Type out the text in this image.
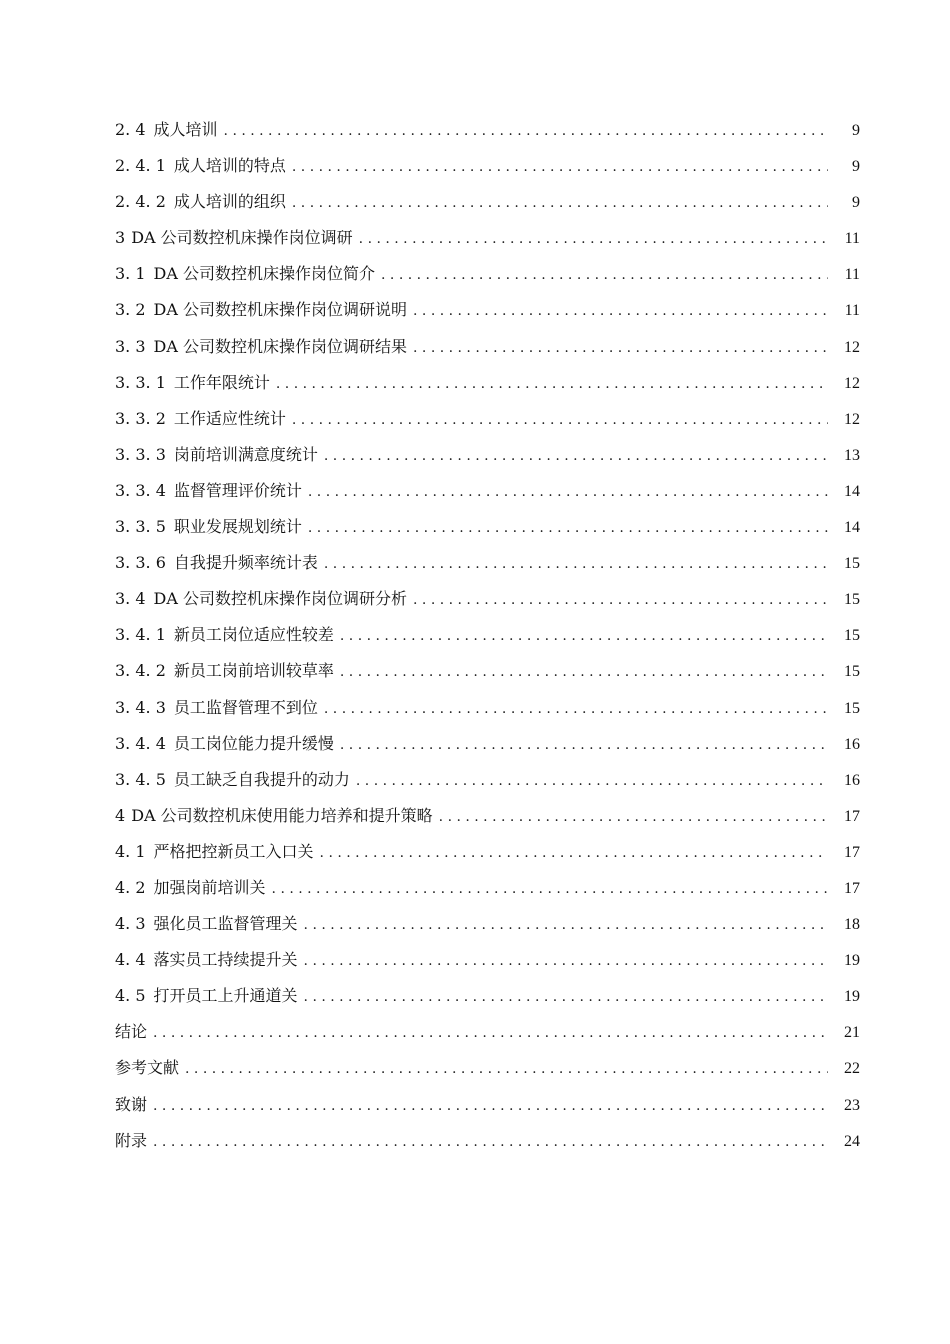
2. 4 成人培训 . . .	9
2. 4. 1 成人培训的特点 . . .	9
2. 4. 2 成人培训的组织 . . .	9
3 DA 公司数控机床操作岗位调研 . . .	11
3. 1 DA 公司数控机床操作岗位简介 . . .	11
3. 2 DA 公司数控机床操作岗位调研说明 . . .	11
3. 3 DA 公司数控机床操作岗位调研结果 . . .	12
3. 3. 1 工作年限统计 . . .	12
3. 3. 2 工作适应性统计 . . .	12
3. 3. 3 岗前培训满意度统计 . . .	13
3. 3. 4 监督管理评价统计 . . .	14
3. 3. 5 职业发展规划统计 . . .	14
3. 3. 6 自我提升频率统计表 . . .	15
3. 4 DA 公司数控机床操作岗位调研分析 . . .	15
3. 4. 1 新员工岗位适应性较差 . . .	15
3. 4. 2 新员工岗前培训较草率 . . .	15
3. 4. 3 员工监督管理不到位 . . .	15
3. 4. 4 员工岗位能力提升缓慢 . . .	16
3. 4. 5 员工缺乏自我提升的动力 . . .	16
4 DA 公司数控机床使用能力培养和提升策略 . . .	17
4. 1 严格把控新员工入口关 . . .	17
4. 2 加强岗前培训关 . . .	17
4. 3 强化员工监督管理关 . . .	18
4. 4 落实员工持续提升关 . . .	19
4. 5 打开员工上升通道关 . . .	19
结论 . . .	21
参考文献 . . .	22
致谢 . . .	23
附录 . . .	24
